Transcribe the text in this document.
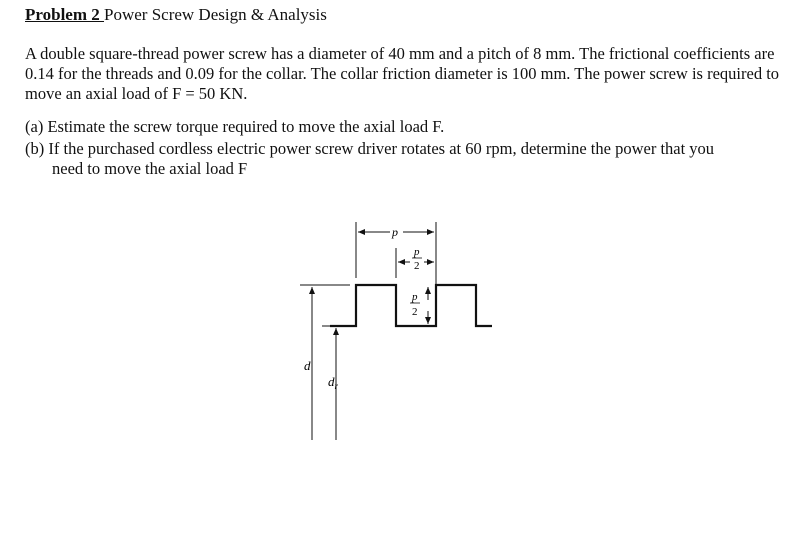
Problem 2 Power Screw Design & Analysis
A double square-thread power screw has a diameter of 40 mm and a pitch of 8 mm. The frictional coefficients are 0.14 for the threads and 0.09 for the collar. The collar friction diameter is 100 mm. The power screw is required to move an axial load of F = 50 KN.
(a) Estimate the screw torque required to move the axial load F.
(b) If the purchased cordless electric power screw driver rotates at 60 rpm, determine the power that you
need to move the axial load F
p
p
2
p
2
d
$d_r$
